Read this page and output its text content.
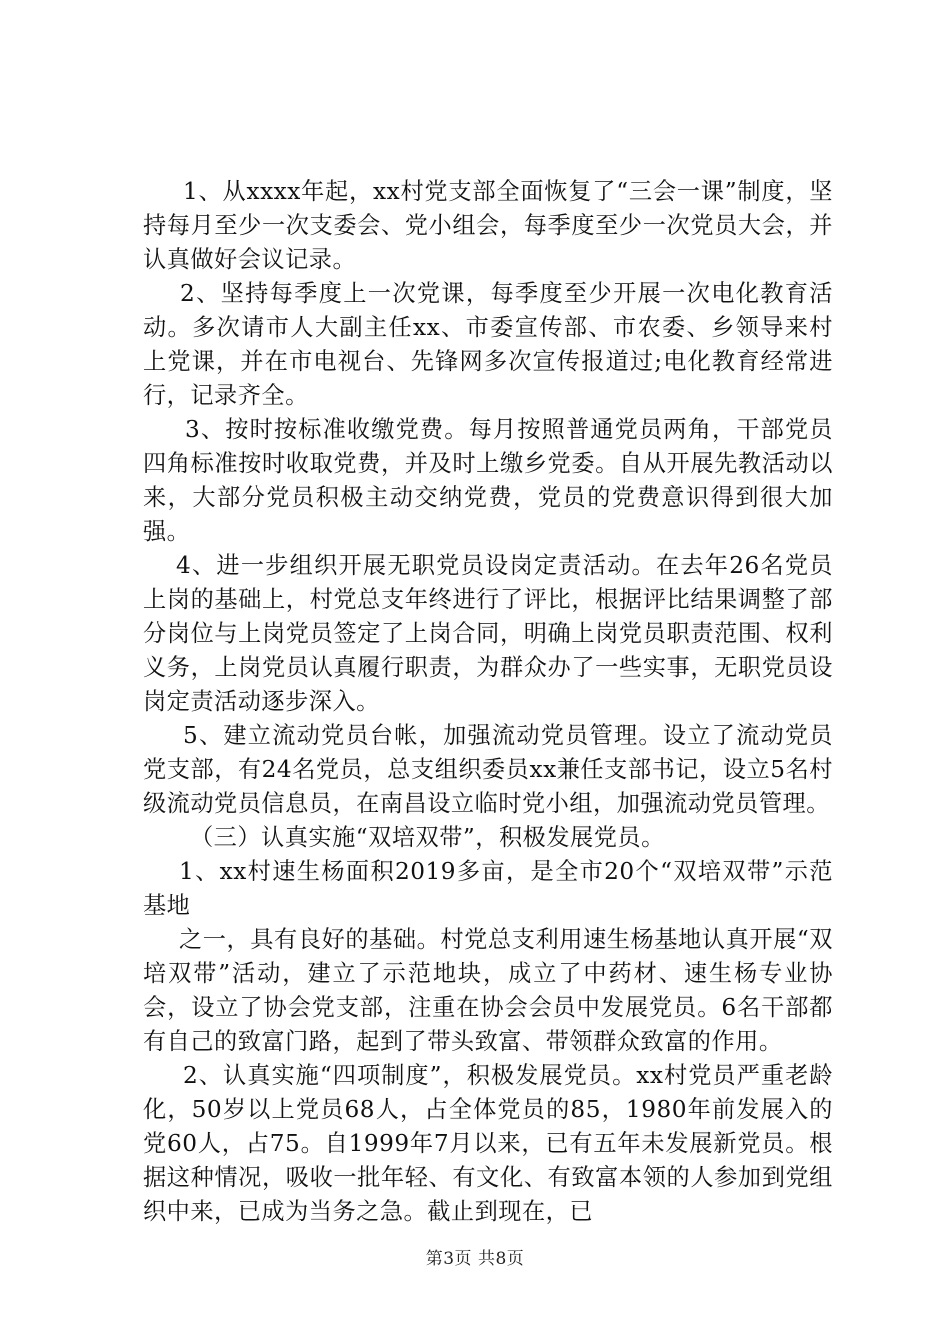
1、从xxxx年起，xx村党支部全面恢复了“三会一课”制度，坚持每月至少一次支委会、党小组会，每季度至少一次党员大会，并认真做好会议记录。

2、坚持每季度上一次党课，每季度至少开展一次电化教育活动。多次请市人大副主任xx、市委宣传部、市农委、乡领导来村上党课，并在市电视台、先锋网多次宣传报道过;电化教育经常进行，记录齐全。

3、按时按标准收缴党费。每月按照普通党员两角，干部党员四角标准按时收取党费，并及时上缴乡党委。自从开展先教活动以来，大部分党员积极主动交纳党费，党员的党费意识得到很大加强。

4、进一步组织开展无职党员设岗定责活动。在去年26名党员上岗的基础上，村党总支年终进行了评比，根据评比结果调整了部分岗位与上岗党员签定了上岗合同，明确上岗党员职责范围、权利义务，上岗党员认真履行职责，为群众办了一些实事，无职党员设岗定责活动逐步深入。

5、建立流动党员台帐，加强流动党员管理。设立了流动党员党支部，有24名党员，总支组织委员xx兼任支部书记，设立5名村级流动党员信息员，在南昌设立临时党小组，加强流动党员管理。

（三）认真实施“双培双带”，积极发展党员。

1、xx村速生杨面积2019多亩，是全市20个“双培双带”示范基地

之一，具有良好的基础。村党总支利用速生杨基地认真开展“双培双带”活动，建立了示范地块，成立了中药材、速生杨专业协会，设立了协会党支部，注重在协会会员中发展党员。6名干部都有自己的致富门路，起到了带头致富、带领群众致富的作用。

2、认真实施“四项制度”，积极发展党员。xx村党员严重老龄化，50岁以上党员68人，占全体党员的85，1980年前发展入的党60人，占75。自1999年7月以来，已有五年未发展新党员。根据这种情况，吸收一批年轻、有文化、有致富本领的人参加到党组织中来，已成为当务之急。截止到现在，已

第3页 共8页
